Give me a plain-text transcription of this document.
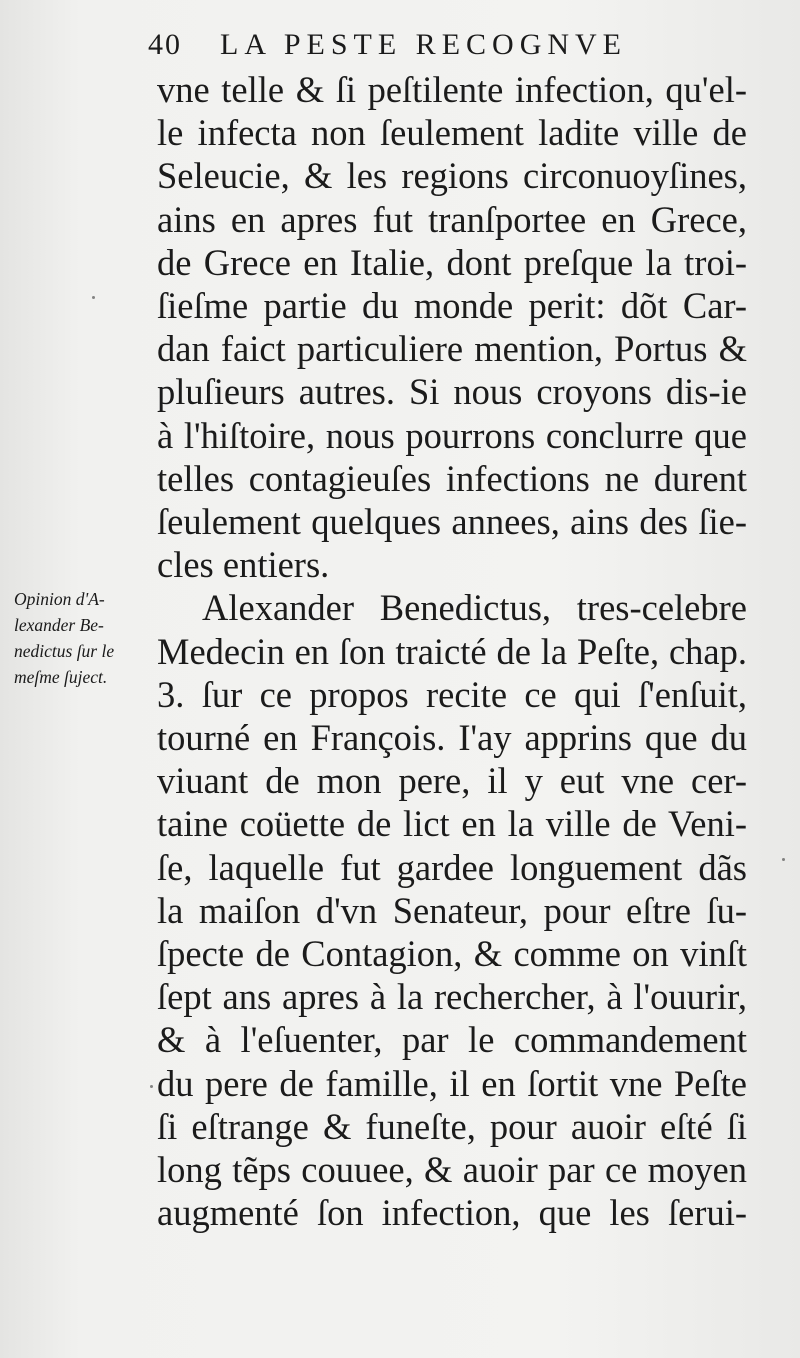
40 LA PESTE RECOGNVE
vne telle & ſi peſtilente infection, qu'el-
le infecta non ſeulement ladite ville de
Seleucie, & les regions circonuoyſines,
ains en apres fut tranſportee en Grece,
de Grece en Italie, dont preſque la troi-
ſieſme partie du monde perit: dõt Car-
dan faict particuliere mention, Portus &
pluſieurs autres. Si nous croyons dis-ie
à l'hiſtoire, nous pourrons conclurre que
telles contagieuſes infections ne durent
ſeulement quelques annees, ains des ſie-
cles entiers.
Alexander Benedictus, tres-celebre
Medecin en ſon traicté de la Peſte, chap.
3. ſur ce propos recite ce qui ſ'enſuit,
tourné en François. I'ay apprins que du
viuant de mon pere, il y eut vne cer-
taine coüette de lict en la ville de Veni-
ſe, laquelle fut gardee longuement dãs
la maiſon d'vn Senateur, pour eſtre ſu-
ſpecte de Contagion, & comme on vinſt
ſept ans apres à la rechercher, à l'ouurir,
& à l'eſuenter, par le commandement
du pere de famille, il en ſortit vne Peſte
ſi eſtrange & funeſte, pour auoir eſté ſi
long tẽps couuee, & auoir par ce moyen
augmenté ſon infection, que les ſerui-
Opinion d'A-
lexander Be-
nedictus ſur le
meſme ſuject.
